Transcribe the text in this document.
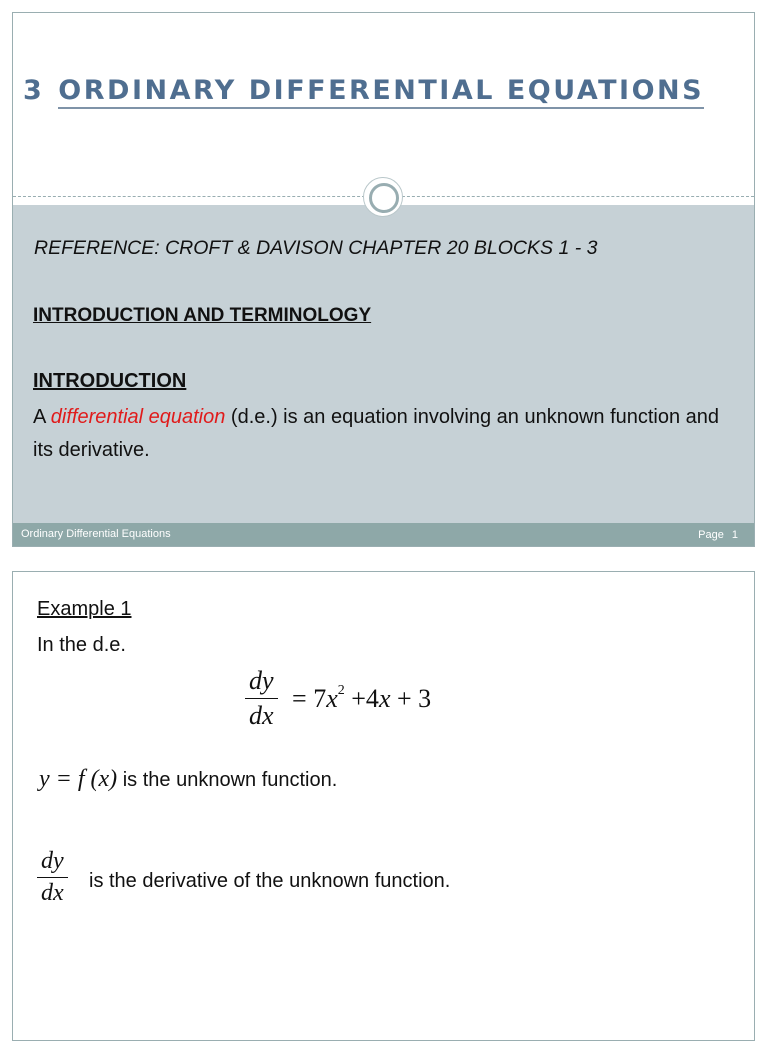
3 ORDINARY DIFFERENTIAL EQUATIONS

REFERENCE: CROFT & DAVISON CHAPTER 20 BLOCKS 1 - 3

INTRODUCTION AND TERMINOLOGY
INTRODUCTION

A differential equation (d.e.) is an equation involving an unknown function and its derivative.

Ordinary Differential Equations	Page 1

Example 1

In the d.e.

$\frac{dy}{dx} = 7x^2 +4x + 3$
y = f (x) is the unknown function.
$\frac{dy}{dx}$ is the derivative of the unknown function.
